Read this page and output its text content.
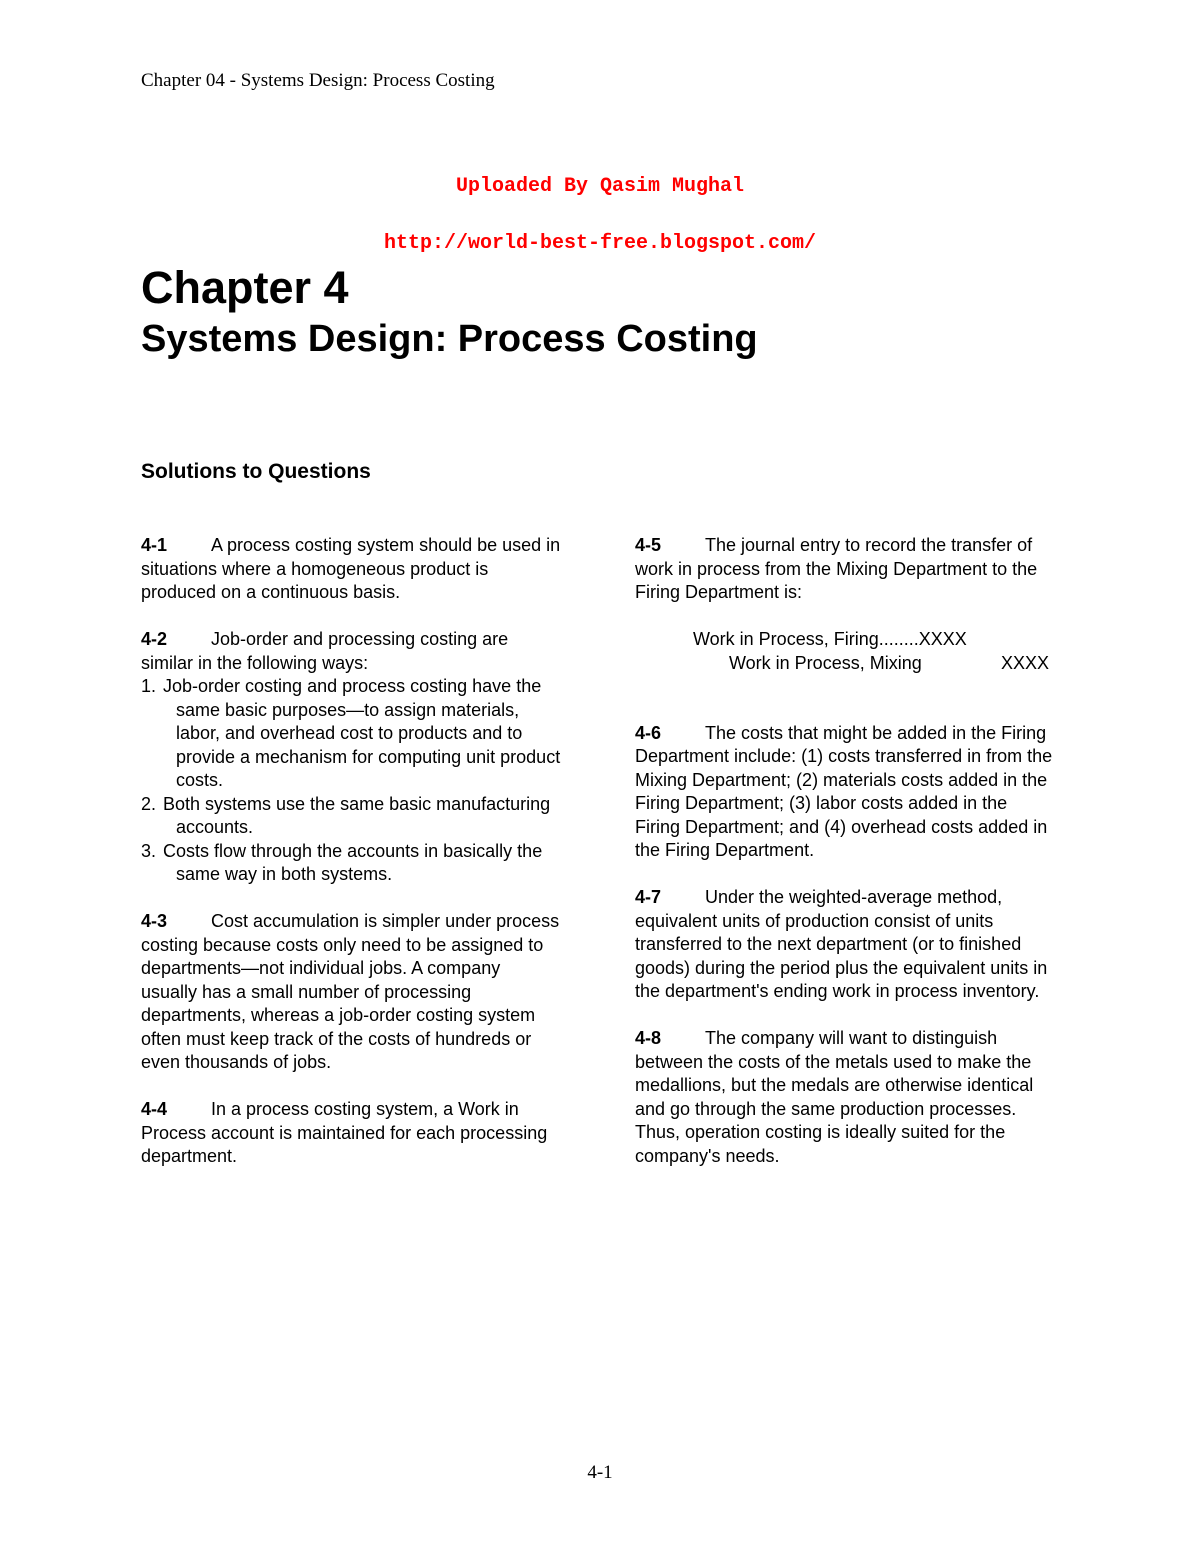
Chapter 04 - Systems Design: Process Costing
Uploaded By Qasim Mughal
http://world-best-free.blogspot.com/
Chapter 4
Systems Design: Process Costing
Solutions to Questions

4-1 A process costing system should be used in situations where a homogeneous product is produced on a continuous basis.

4-2 Job-order and processing costing are similar in the following ways:
1. Job-order costing and process costing have the same basic purposes—to assign materials, labor, and overhead cost to products and to provide a mechanism for computing unit product costs.
2. Both systems use the same basic manufacturing accounts.
3. Costs flow through the accounts in basically the same way in both systems.

4-3 Cost accumulation is simpler under process costing because costs only need to be assigned to departments—not individual jobs. A company usually has a small number of processing departments, whereas a job-order costing system often must keep track of the costs of hundreds or even thousands of jobs.

4-4 In a process costing system, a Work in Process account is maintained for each processing department.

4-5 The journal entry to record the transfer of work in process from the Mixing Department to the Firing Department is:

Work in Process, Firing........XXXX
Work in Process, Mixing	XXXX

4-6 The costs that might be added in the Firing Department include: (1) costs transferred in from the Mixing Department; (2) materials costs added in the Firing Department; (3) labor costs added in the Firing Department; and (4) overhead costs added in the Firing Department.

4-7 Under the weighted-average method, equivalent units of production consist of units transferred to the next department (or to finished goods) during the period plus the equivalent units in the department's ending work in process inventory.

4-8 The company will want to distinguish between the costs of the metals used to make the medallions, but the medals are otherwise identical and go through the same production processes. Thus, operation costing is ideally suited for the company's needs.

4-1
